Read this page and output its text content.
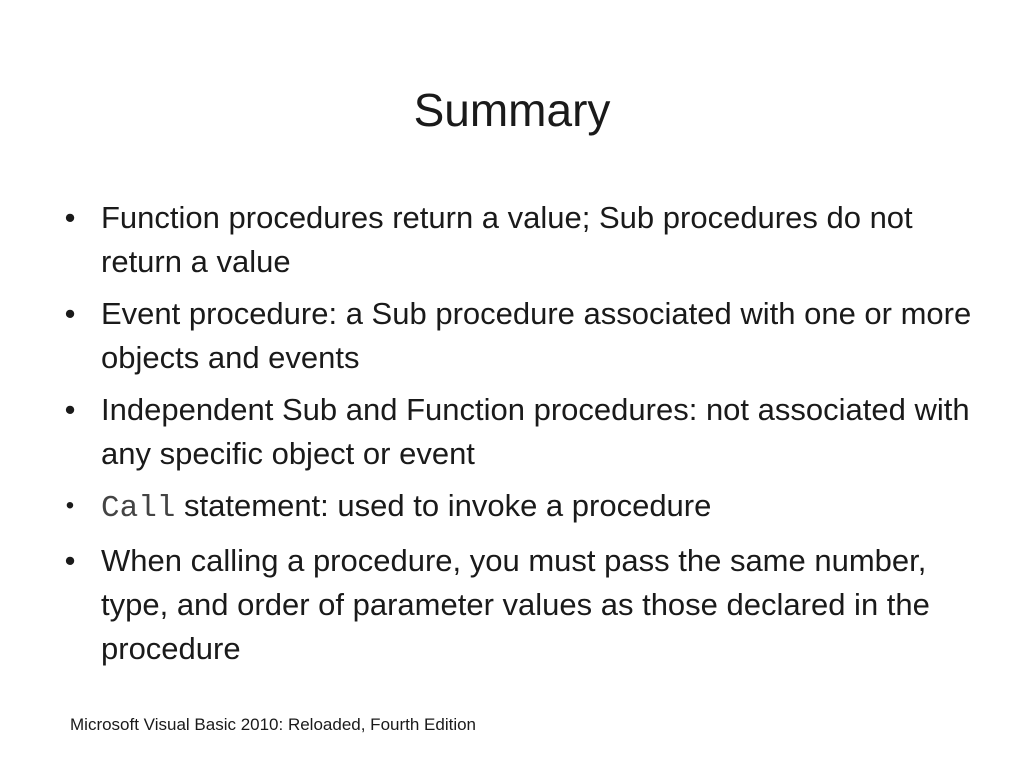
Summary
• Function procedures return a value; Sub procedures do not return a value
• Event procedure: a Sub procedure associated with one or more objects and events
• Independent Sub and Function procedures: not associated with any specific object or event
• Call statement: used to invoke a procedure
• When calling a procedure, you must pass the same number, type, and order of parameter values as those declared in the procedure

Microsoft Visual Basic 2010: Reloaded, Fourth Edition
